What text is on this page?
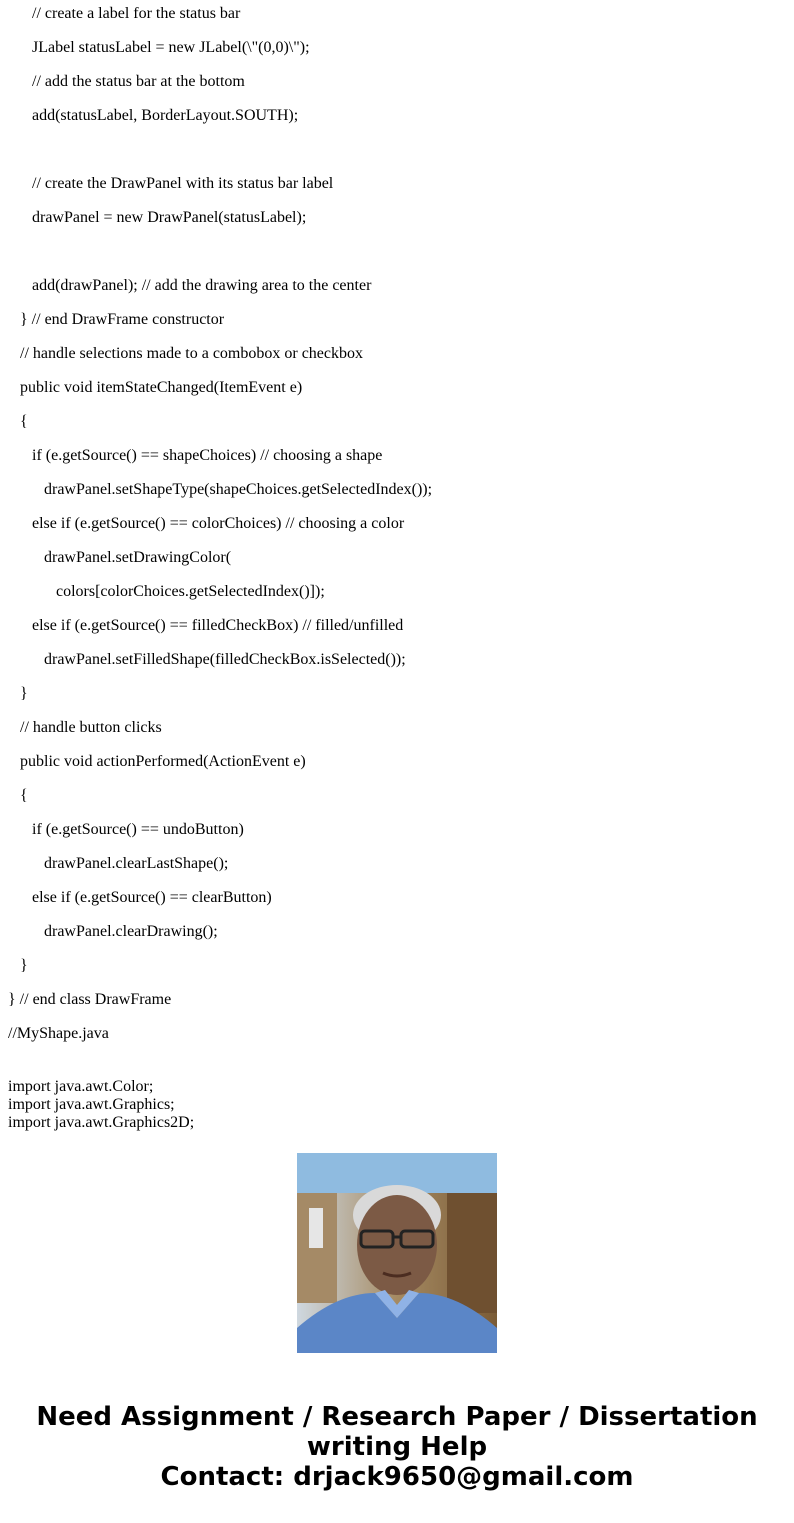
// create a label for the status bar
JLabel statusLabel = new JLabel(\"(0,0)\");
// add the status bar at the bottom
add(statusLabel, BorderLayout.SOUTH);
// create the DrawPanel with its status bar label
drawPanel = new DrawPanel(statusLabel);
add(drawPanel); // add the drawing area to the center
} // end DrawFrame constructor
// handle selections made to a combobox or checkbox
public void itemStateChanged(ItemEvent e)
{
if (e.getSource() == shapeChoices) // choosing a shape
drawPanel.setShapeType(shapeChoices.getSelectedIndex());
else if (e.getSource() == colorChoices) // choosing a color
drawPanel.setDrawingColor(
colors[colorChoices.getSelectedIndex()]);
else if (e.getSource() == filledCheckBox) // filled/unfilled
drawPanel.setFilledShape(filledCheckBox.isSelected());
}
// handle button clicks
public void actionPerformed(ActionEvent e)
{
if (e.getSource() == undoButton)
drawPanel.clearLastShape();
else if (e.getSource() == clearButton)
drawPanel.clearDrawing();
}
} // end class DrawFrame
//MyShape.java
import java.awt.Color;
import java.awt.Graphics;
import java.awt.Graphics2D;
Need Assignment / Research Paper / Dissertation
writing Help
Contact: drjack9650@gmail.com
